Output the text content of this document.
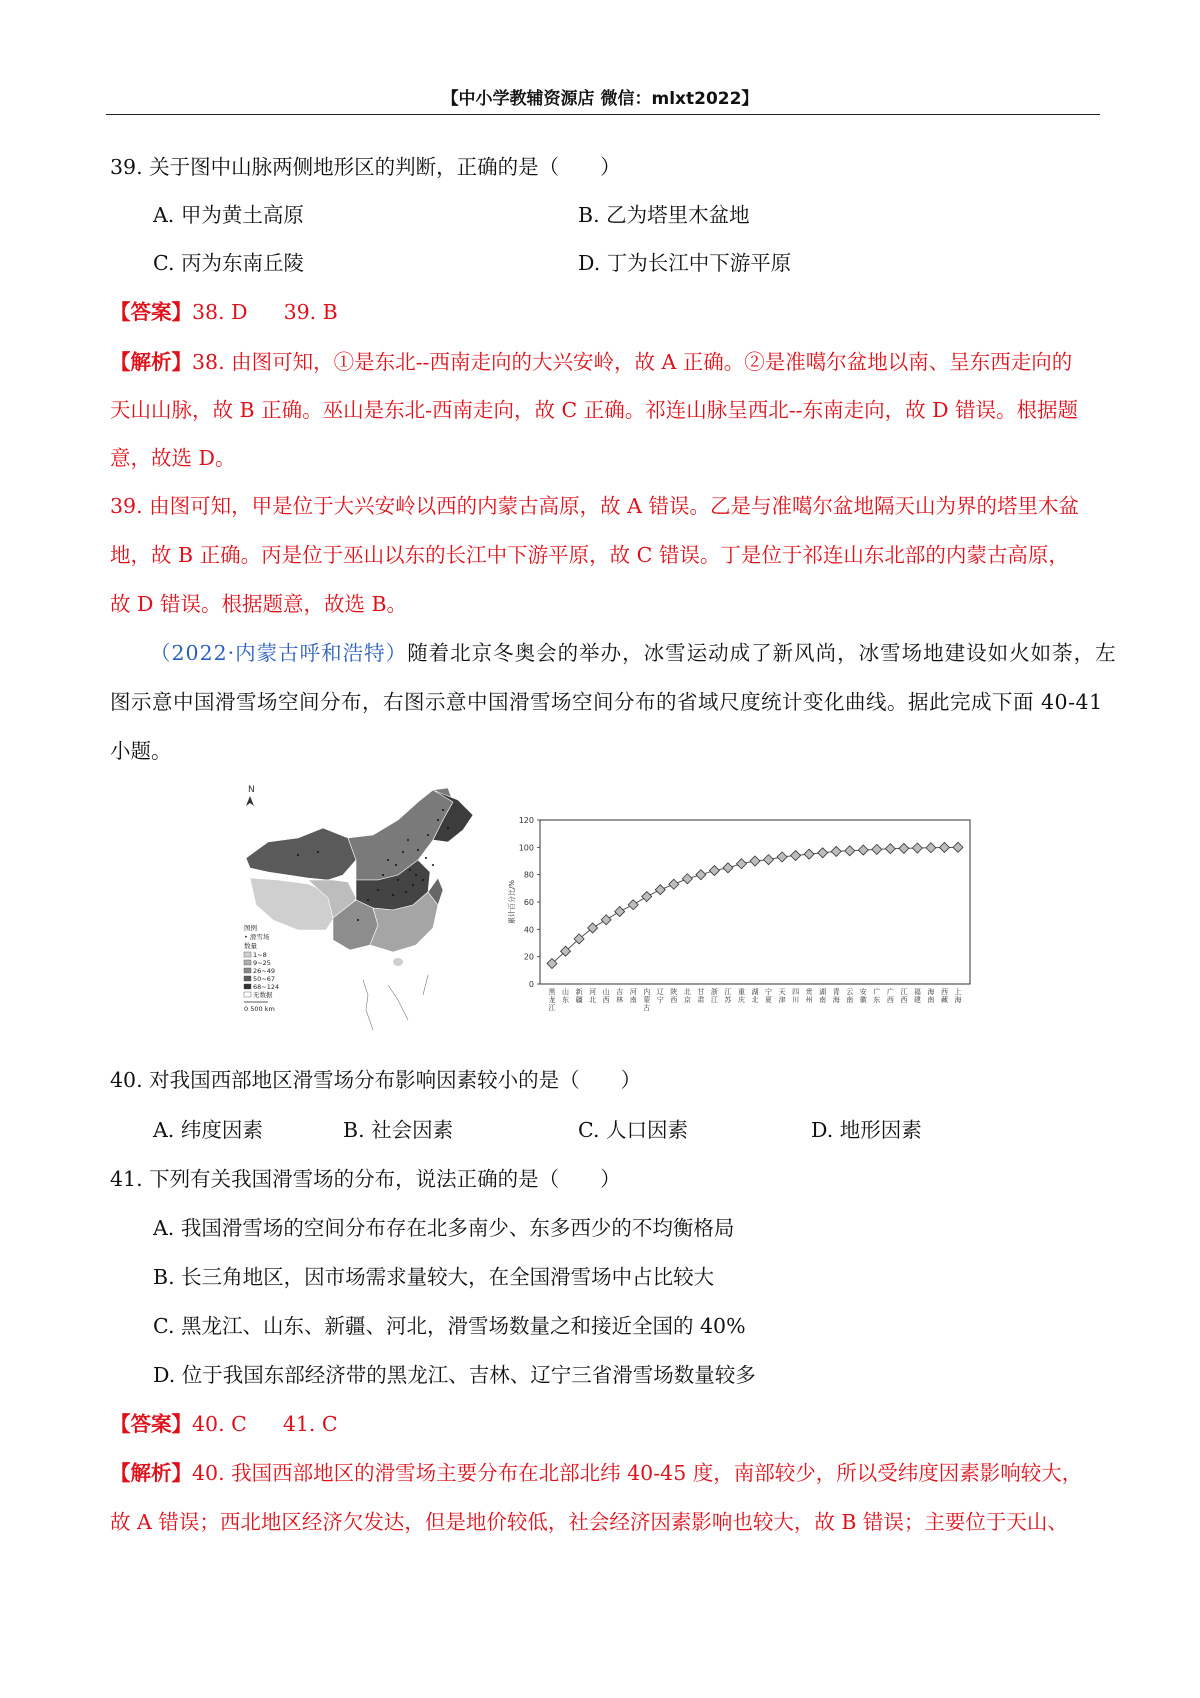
【中小学教辅资源店 微信：mlxt2022】
39. 关于图中山脉两侧地形区的判断，正确的是（　　）
A. 甲为黄土高原	B. 乙为塔里木盆地
C. 丙为东南丘陵	D. 丁为长江中下游平原
【答案】38. D 39. B
【解析】38. 由图可知，①是东北--西南走向的大兴安岭，故 A 正确。②是准噶尔盆地以南、呈东西走向的
天山山脉，故 B 正确。巫山是东北-西南走向，故 C 正确。祁连山脉呈西北--东南走向，故 D 错误。根据题
意，故选 D。
39. 由图可知，甲是位于大兴安岭以西的内蒙古高原，故 A 错误。乙是与准噶尔盆地隔天山为界的塔里木盆
地，故 B 正确。丙是位于巫山以东的长江中下游平原，故 C 错误。丁是位于祁连山东北部的内蒙古高原，
故 D 错误。根据题意，故选 B。
（2022·内蒙古呼和浩特）随着北京冬奥会的举办，冰雪运动成了新风尚，冰雪场地建设如火如荼，左
图示意中国滑雪场空间分布，右图示意中国滑雪场空间分布的省域尺度统计变化曲线。据此完成下面 40-41
小题。
N
图例
• 滑雪场
数量
1~8
9~25
26~49
50~67
68~124
无数据
0 500 km
0
20
40
60
80
100
120
累计百分比/%
黑龙江
山东
新疆
河北
山西
吉林
河南
内蒙古
辽宁
陕西
北京
甘肃
浙江
江苏
重庆
湖北
宁夏
天津
四川
贵州
湖南
青海
云南
安徽
广东
广西
江西
福建
海南
西藏
上海
40. 对我国西部地区滑雪场分布影响因素较小的是（　　）
A. 纬度因素	B. 社会因素	C. 人口因素	D. 地形因素
41. 下列有关我国滑雪场的分布，说法正确的是（　　）
A. 我国滑雪场的空间分布存在北多南少、东多西少的不均衡格局
B. 长三角地区，因市场需求量较大，在全国滑雪场中占比较大
C. 黑龙江、山东、新疆、河北，滑雪场数量之和接近全国的 40%
D. 位于我国东部经济带的黑龙江、吉林、辽宁三省滑雪场数量较多
【答案】40. C 41. C
【解析】40. 我国西部地区的滑雪场主要分布在北部北纬 40-45 度，南部较少，所以受纬度因素影响较大，
故 A 错误；西北地区经济欠发达，但是地价较低，社会经济因素影响也较大，故 B 错误；主要位于天山、
